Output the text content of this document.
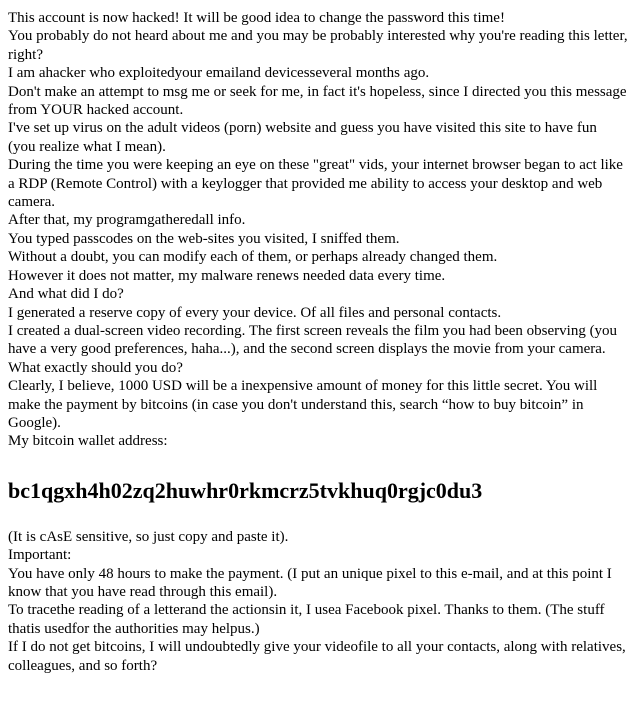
This account is now hacked! It will be good idea to change the password this time!

You probably do not heard about me and you may be probably interested why you're reading this letter, right?

I am ahacker who exploitedyour emailand devicesseveral months ago.

Don't make an attempt to msg me or seek for me, in fact it's hopeless, since I directed you this message from YOUR hacked account.

I've set up virus on the adult videos (porn) website and guess you have visited this site to have fun (you realize what I mean).

During the time you were keeping an eye on these "great" vids, your internet browser began to act like a RDP (Remote Control) with a keylogger that provided me ability to access your desktop and web camera.

After that, my programgatheredall info.

You typed passcodes on the web-sites you visited, I sniffed them.

Without a doubt, you can modify each of them, or perhaps already changed them.

However it does not matter, my malware renews needed data every time.

And what did I do?

I generated a reserve copy of every your device. Of all files and personal contacts.

I created a dual-screen video recording. The first screen reveals the film you had been observing (you have a very good preferences, haha...), and the second screen displays the movie from your camera.

What exactly should you do?

Clearly, I believe, 1000 USD will be a inexpensive amount of money for this little secret. You will make the payment by bitcoins (in case you don't understand this, search “how to buy bitcoin” in Google).

My bitcoin wallet address:

bc1qgxh4h02zq2huwhr0rkmcrz5tvkhuq0rgjc0du3

(It is cAsE sensitive, so just copy and paste it).

Important:

You have only 48 hours to make the payment. (I put an unique pixel to this e-mail, and at this point I know that you have read through this email).

To tracethe reading of a letterand the actionsin it, I usea Facebook pixel. Thanks to them. (The stuff thatis usedfor the authorities may helpus.)

If I do not get bitcoins, I will undoubtedly give your videofile to all your contacts, along with relatives, colleagues, and so forth?
